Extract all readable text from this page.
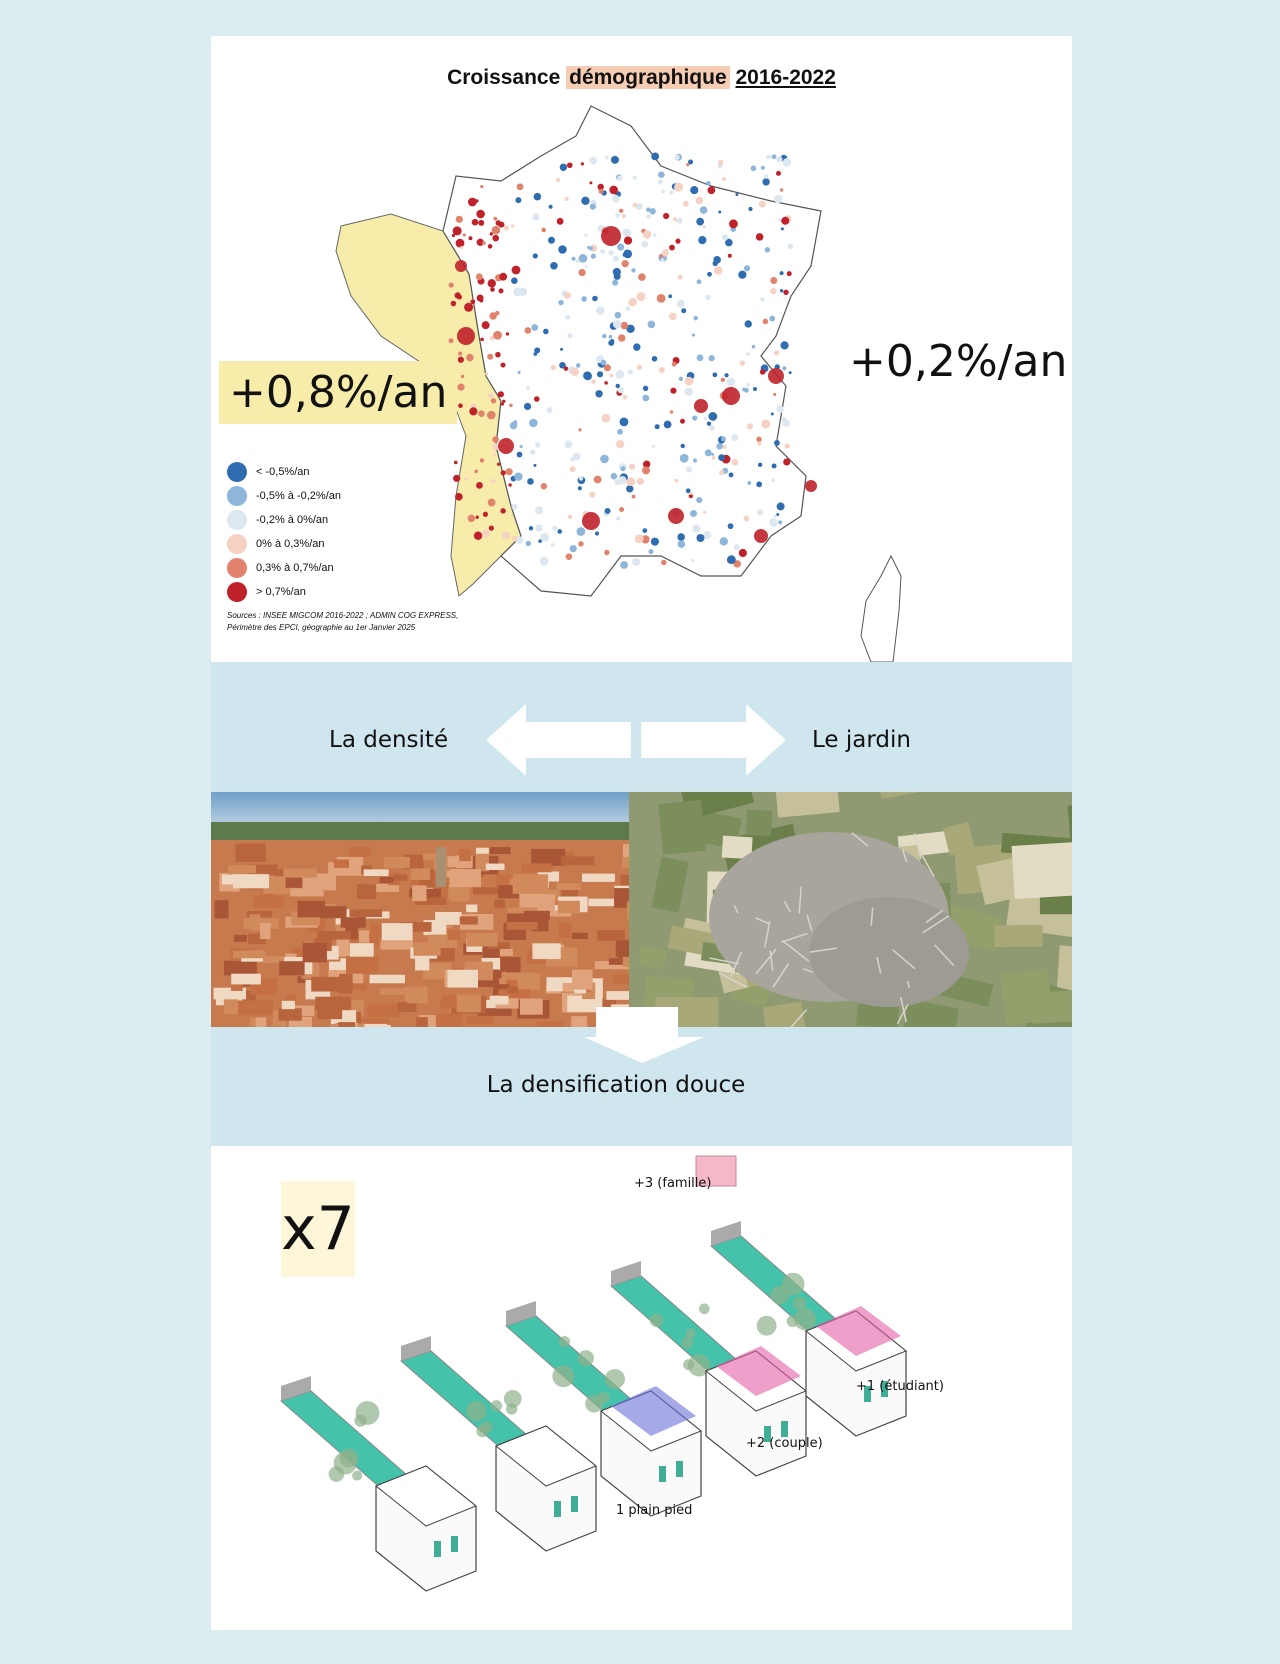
Croissance démographique 2016-2022
+0,8%/an
+0,2%/an
< -0,5%/an
-0,5% à -0,2%/an
-0,2% à 0%/an
0% à 0,3%/an
0,3% à 0,7%/an
> 0,7%/an
Sources : INSEE MIGCOM 2016-2022 ; ADMIN COG EXPRESS,
Périmètre des EPCI, géographie au 1er Janvier 2025
La densité	Le jardin
La densification douce
x7
+3 (famille)
+1 (étudiant)
+2 (couple)
1 plain pied
